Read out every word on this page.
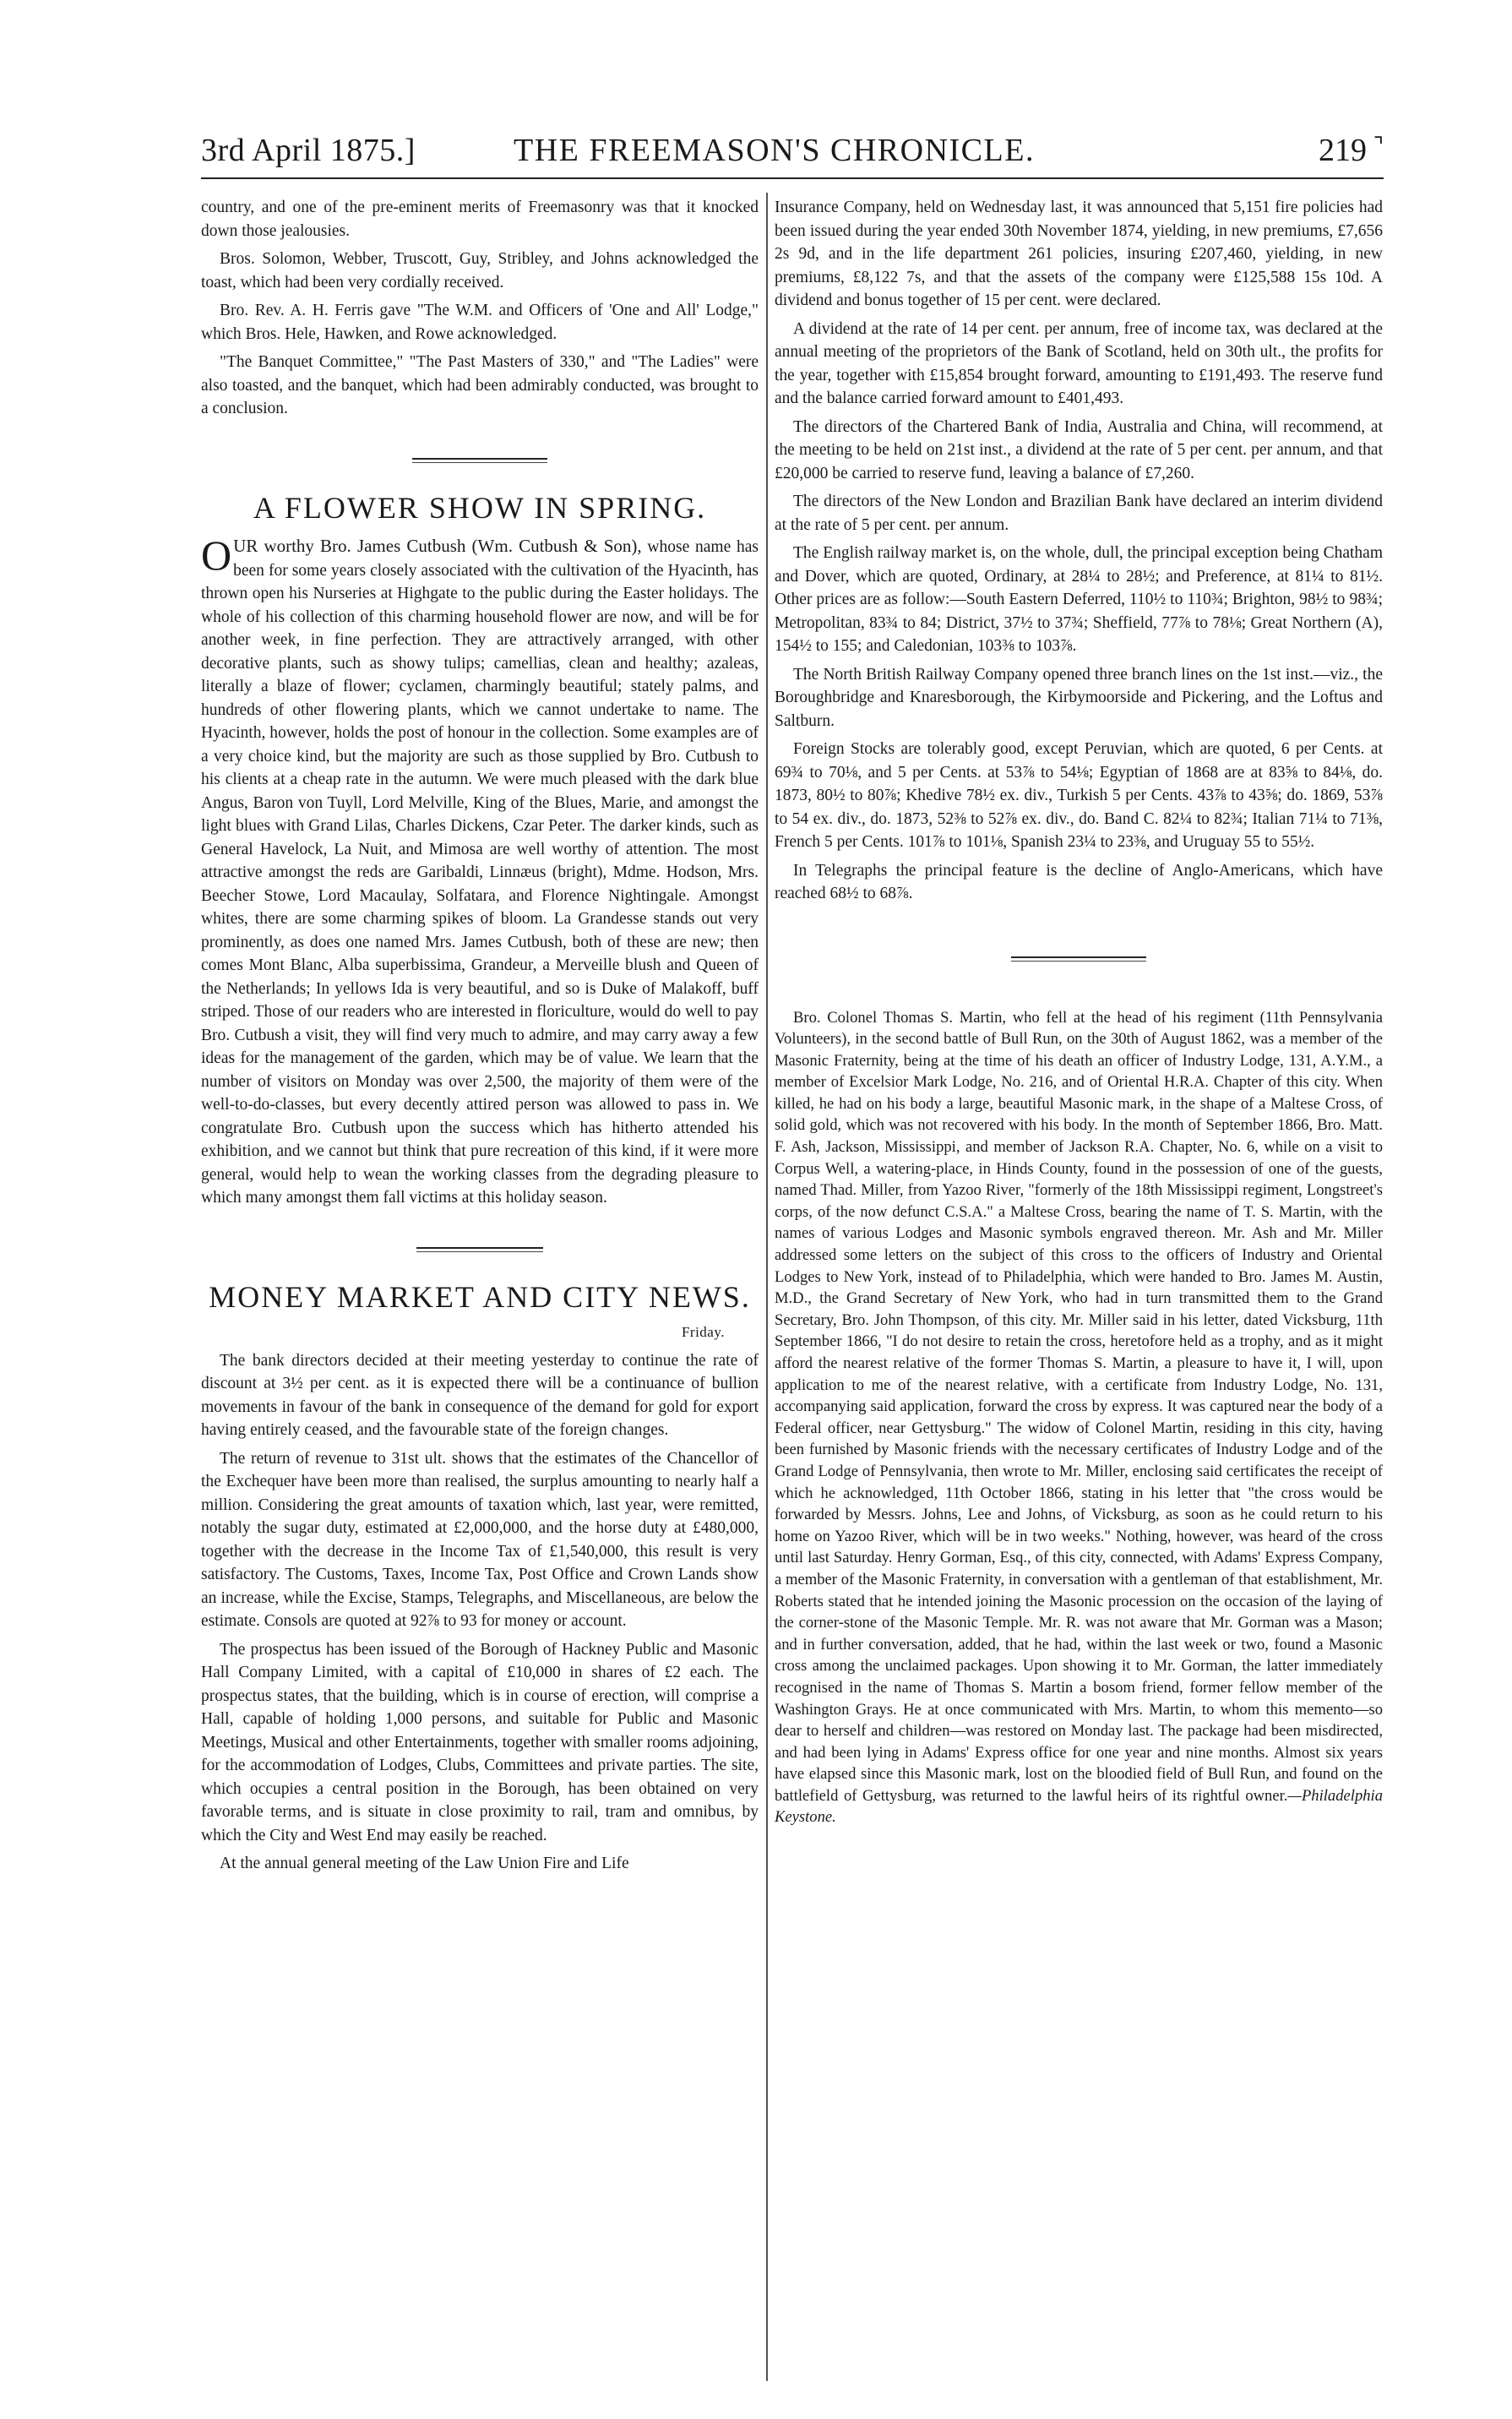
3rd April 1875.]	THE FREEMASON'S CHRONICLE.	219 ⌝

country, and one of the pre-eminent merits of Freemasonry was that it knocked down those jealousies.

Bros. Solomon, Webber, Truscott, Guy, Stribley, and Johns acknowledged the toast, which had been very cordially received.

Bro. Rev. A. H. Ferris gave "The W.M. and Officers of 'One and All' Lodge," which Bros. Hele, Hawken, and Rowe acknowledged.

"The Banquet Committee," "The Past Masters of 330," and "The Ladies" were also toasted, and the banquet, which had been admirably conducted, was brought to a conclusion.

A FLOWER SHOW IN SPRING.

OUR worthy Bro. James Cutbush (Wm. Cutbush & Son), whose name has been for some years closely associated with the cultivation of the Hyacinth, has thrown open his Nurseries at Highgate to the public during the Easter holidays. The whole of his collection of this charming household flower are now, and will be for another week, in fine perfection. They are attractively arranged, with other decorative plants, such as showy tulips; camellias, clean and healthy; azaleas, literally a blaze of flower; cyclamen, charmingly beautiful; stately palms, and hundreds of other flowering plants, which we cannot undertake to name. The Hyacinth, however, holds the post of honour in the collection. Some examples are of a very choice kind, but the majority are such as those supplied by Bro. Cutbush to his clients at a cheap rate in the autumn. We were much pleased with the dark blue Angus, Baron von Tuyll, Lord Melville, King of the Blues, Marie, and amongst the light blues with Grand Lilas, Charles Dickens, Czar Peter. The darker kinds, such as General Havelock, La Nuit, and Mimosa are well worthy of attention. The most attractive amongst the reds are Garibaldi, Linnæus (bright), Mdme. Hodson, Mrs. Beecher Stowe, Lord Macaulay, Solfatara, and Florence Nightingale. Amongst whites, there are some charming spikes of bloom. La Grandesse stands out very prominently, as does one named Mrs. James Cutbush, both of these are new; then comes Mont Blanc, Alba superbissima, Grandeur, a Merveille blush and Queen of the Netherlands; In yellows Ida is very beautiful, and so is Duke of Malakoff, buff striped. Those of our readers who are interested in floriculture, would do well to pay Bro. Cutbush a visit, they will find very much to admire, and may carry away a few ideas for the management of the garden, which may be of value. We learn that the number of visitors on Monday was over 2,500, the majority of them were of the well-to-do-classes, but every decently attired person was allowed to pass in. We congratulate Bro. Cutbush upon the success which has hitherto attended his exhibition, and we cannot but think that pure recreation of this kind, if it were more general, would help to wean the working classes from the degrading pleasure to which many amongst them fall victims at this holiday season.

MONEY MARKET AND CITY NEWS.
Friday.

The bank directors decided at their meeting yesterday to continue the rate of discount at 3½ per cent. as it is expected there will be a continuance of bullion movements in favour of the bank in consequence of the demand for gold for export having entirely ceased, and the favourable state of the foreign changes.

The return of revenue to 31st ult. shows that the estimates of the Chancellor of the Exchequer have been more than realised, the surplus amounting to nearly half a million. Considering the great amounts of taxation which, last year, were remitted, notably the sugar duty, estimated at £2,000,000, and the horse duty at £480,000, together with the decrease in the Income Tax of £1,540,000, this result is very satisfactory. The Customs, Taxes, Income Tax, Post Office and Crown Lands show an increase, while the Excise, Stamps, Telegraphs, and Miscellaneous, are below the estimate. Consols are quoted at 92⅞ to 93 for money or account.

The prospectus has been issued of the Borough of Hackney Public and Masonic Hall Company Limited, with a capital of £10,000 in shares of £2 each. The prospectus states, that the building, which is in course of erection, will comprise a Hall, capable of holding 1,000 persons, and suitable for Public and Masonic Meetings, Musical and other Entertainments, together with smaller rooms adjoining, for the accommodation of Lodges, Clubs, Committees and private parties. The site, which occupies a central position in the Borough, has been obtained on very favorable terms, and is situate in close proximity to rail, tram and omnibus, by which the City and West End may easily be reached.

At the annual general meeting of the Law Union Fire and Life

Insurance Company, held on Wednesday last, it was announced that 5,151 fire policies had been issued during the year ended 30th November 1874, yielding, in new premiums, £7,656 2s 9d, and in the life department 261 policies, insuring £207,460, yielding, in new premiums, £8,122 7s, and that the assets of the company were £125,588 15s 10d. A dividend and bonus together of 15 per cent. were declared.

A dividend at the rate of 14 per cent. per annum, free of income tax, was declared at the annual meeting of the proprietors of the Bank of Scotland, held on 30th ult., the profits for the year, together with £15,854 brought forward, amounting to £191,493. The reserve fund and the balance carried forward amount to £401,493.

The directors of the Chartered Bank of India, Australia and China, will recommend, at the meeting to be held on 21st inst., a dividend at the rate of 5 per cent. per annum, and that £20,000 be carried to reserve fund, leaving a balance of £7,260.

The directors of the New London and Brazilian Bank have declared an interim dividend at the rate of 5 per cent. per annum.

The English railway market is, on the whole, dull, the principal exception being Chatham and Dover, which are quoted, Ordinary, at 28¼ to 28½; and Preference, at 81¼ to 81½. Other prices are as follow:—South Eastern Deferred, 110½ to 110¾; Brighton, 98½ to 98¾; Metropolitan, 83¾ to 84; District, 37½ to 37¾; Sheffield, 77⅞ to 78⅛; Great Northern (A), 154½ to 155; and Caledonian, 103⅜ to 103⅞.

The North British Railway Company opened three branch lines on the 1st inst.—viz., the Boroughbridge and Knaresborough, the Kirbymoorside and Pickering, and the Loftus and Saltburn.

Foreign Stocks are tolerably good, except Peruvian, which are quoted, 6 per Cents. at 69¾ to 70⅛, and 5 per Cents. at 53⅞ to 54⅛; Egyptian of 1868 are at 83⅝ to 84⅛, do. 1873, 80½ to 80⅞; Khedive 78½ ex. div., Turkish 5 per Cents. 43⅞ to 43⅝; do. 1869, 53⅞ to 54 ex. div., do. 1873, 52⅜ to 52⅞ ex. div., do. Band C. 82¼ to 82¾; Italian 71¼ to 71⅜, French 5 per Cents. 101⅞ to 101⅛, Spanish 23¼ to 23⅜, and Uruguay 55 to 55½.

In Telegraphs the principal feature is the decline of Anglo-Americans, which have reached 68½ to 68⅞.

Bro. Colonel Thomas S. Martin, who fell at the head of his regiment (11th Pennsylvania Volunteers), in the second battle of Bull Run, on the 30th of August 1862, was a member of the Masonic Fraternity, being at the time of his death an officer of Industry Lodge, 131, A.Y.M., a member of Excelsior Mark Lodge, No. 216, and of Oriental H.R.A. Chapter of this city. When killed, he had on his body a large, beautiful Masonic mark, in the shape of a Maltese Cross, of solid gold, which was not recovered with his body. In the month of September 1866, Bro. Matt. F. Ash, Jackson, Mississippi, and member of Jackson R.A. Chapter, No. 6, while on a visit to Corpus Well, a watering-place, in Hinds County, found in the possession of one of the guests, named Thad. Miller, from Yazoo River, "formerly of the 18th Mississippi regiment, Longstreet's corps, of the now defunct C.S.A." a Maltese Cross, bearing the name of T. S. Martin, with the names of various Lodges and Masonic symbols engraved thereon. Mr. Ash and Mr. Miller addressed some letters on the subject of this cross to the officers of Industry and Oriental Lodges to New York, instead of to Philadelphia, which were handed to Bro. James M. Austin, M.D., the Grand Secretary of New York, who had in turn transmitted them to the Grand Secretary, Bro. John Thompson, of this city. Mr. Miller said in his letter, dated Vicksburg, 11th September 1866, "I do not desire to retain the cross, heretofore held as a trophy, and as it might afford the nearest relative of the former Thomas S. Martin, a pleasure to have it, I will, upon application to me of the nearest relative, with a certificate from Industry Lodge, No. 131, accompanying said application, forward the cross by express. It was captured near the body of a Federal officer, near Gettysburg." The widow of Colonel Martin, residing in this city, having been furnished by Masonic friends with the necessary certificates of Industry Lodge and of the Grand Lodge of Pennsylvania, then wrote to Mr. Miller, enclosing said certificates the receipt of which he acknowledged, 11th October 1866, stating in his letter that "the cross would be forwarded by Messrs. Johns, Lee and Johns, of Vicksburg, as soon as he could return to his home on Yazoo River, which will be in two weeks." Nothing, however, was heard of the cross until last Saturday. Henry Gorman, Esq., of this city, connected, with Adams' Express Company, a member of the Masonic Fraternity, in conversation with a gentleman of that establishment, Mr. Roberts stated that he intended joining the Masonic procession on the occasion of the laying of the corner-stone of the Masonic Temple. Mr. R. was not aware that Mr. Gorman was a Mason; and in further conversation, added, that he had, within the last week or two, found a Masonic cross among the unclaimed packages. Upon showing it to Mr. Gorman, the latter immediately recognised in the name of Thomas S. Martin a bosom friend, former fellow member of the Washington Grays. He at once communicated with Mrs. Martin, to whom this memento—so dear to herself and children—was restored on Monday last. The package had been misdirected, and had been lying in Adams' Express office for one year and nine months. Almost six years have elapsed since this Masonic mark, lost on the bloodied field of Bull Run, and found on the battlefield of Gettysburg, was returned to the lawful heirs of its rightful owner.—Philadelphia Keystone.
